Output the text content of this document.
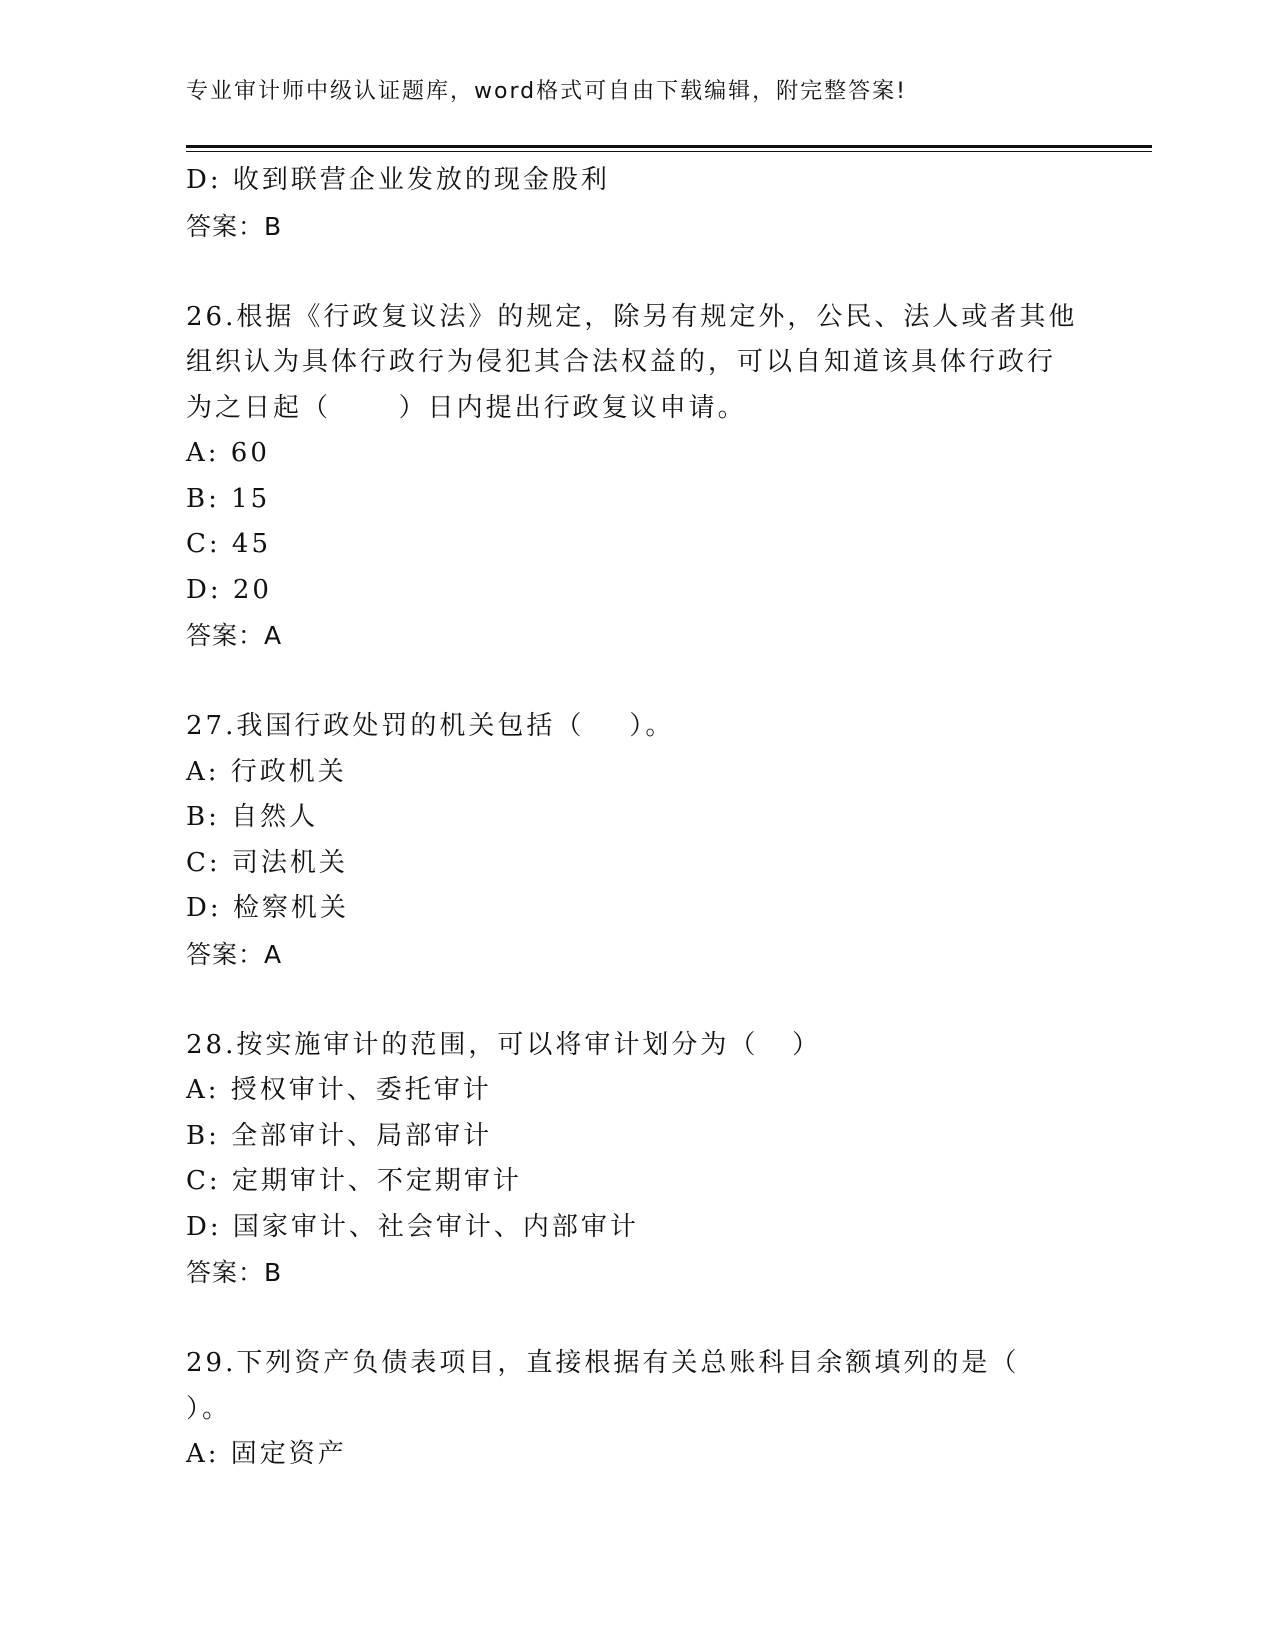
专业审计师中级认证题库，word格式可自由下载编辑，附完整答案!
D: 收到联营企业发放的现金股利
答案：B
26.根据《行政复议法》的规定，除另有规定外，公民、法人或者其他
组织认为具体行政行为侵犯其合法权益的，可以自知道该具体行政行
为之日起（      ）日内提出行政复议申请。
A: 60
B: 15
C: 45
D: 20
答案：A
27.我国行政处罚的机关包括（    ）。
A: 行政机关
B: 自然人
C: 司法机关
D: 检察机关
答案：A
28.按实施审计的范围，可以将审计划分为（   ）
A: 授权审计、委托审计
B: 全部审计、局部审计
C: 定期审计、不定期审计
D: 国家审计、社会审计、内部审计
答案：B
29.下列资产负债表项目，直接根据有关总账科目余额填列的是（
）。
A: 固定资产
